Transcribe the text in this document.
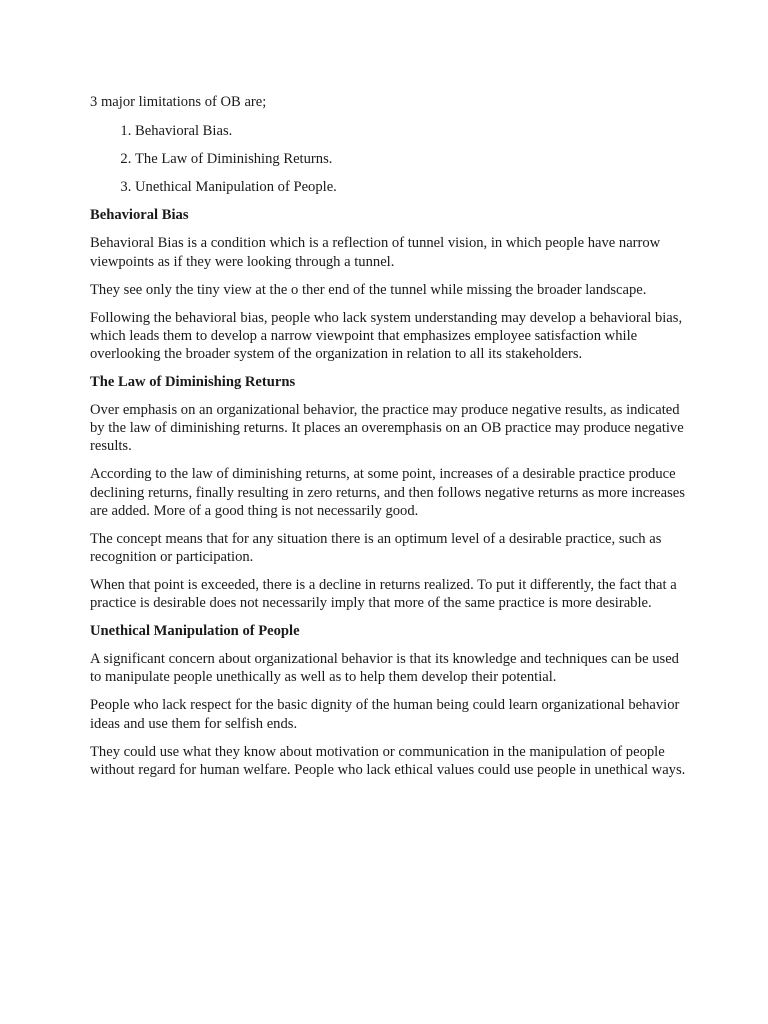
3 major limitations of OB are;

1. Behavioral Bias.
2. The Law of Diminishing Returns.
3. Unethical Manipulation of People.
Behavioral Bias

Behavioral Bias is a condition which is a reflection of tunnel vision, in which people have narrow viewpoints as if they were looking through a tunnel.

They see only the tiny view at the o ther end of the tunnel while missing the broader landscape.

Following the behavioral bias, people who lack system understanding may develop a behavioral bias, which leads them to develop a narrow viewpoint that emphasizes employee satisfaction while overlooking the broader system of the organization in relation to all its stakeholders.

The Law of Diminishing Returns

Over emphasis on an organizational behavior, the practice may produce negative results, as indicated by the law of diminishing returns. It places an overemphasis on an OB practice may produce negative results.

According to the law of diminishing returns, at some point, increases of a desirable practice produce declining returns, finally resulting in zero returns, and then follows negative returns as more increases are added. More of a good thing is not necessarily good.

The concept means that for any situation there is an optimum level of a desirable practice, such as recognition or participation.

When that point is exceeded, there is a decline in returns realized. To put it differently, the fact that a practice is desirable does not necessarily imply that more of the same practice is more desirable.

Unethical Manipulation of People

A significant concern about organizational behavior is that its knowledge and techniques can be used to manipulate people unethically as well as to help them develop their potential.

People who lack respect for the basic dignity of the human being could learn organizational behavior ideas and use them for selfish ends.

They could use what they know about motivation or communication in the manipulation of people without regard for human welfare. People who lack ethical values could use people in unethical ways.
